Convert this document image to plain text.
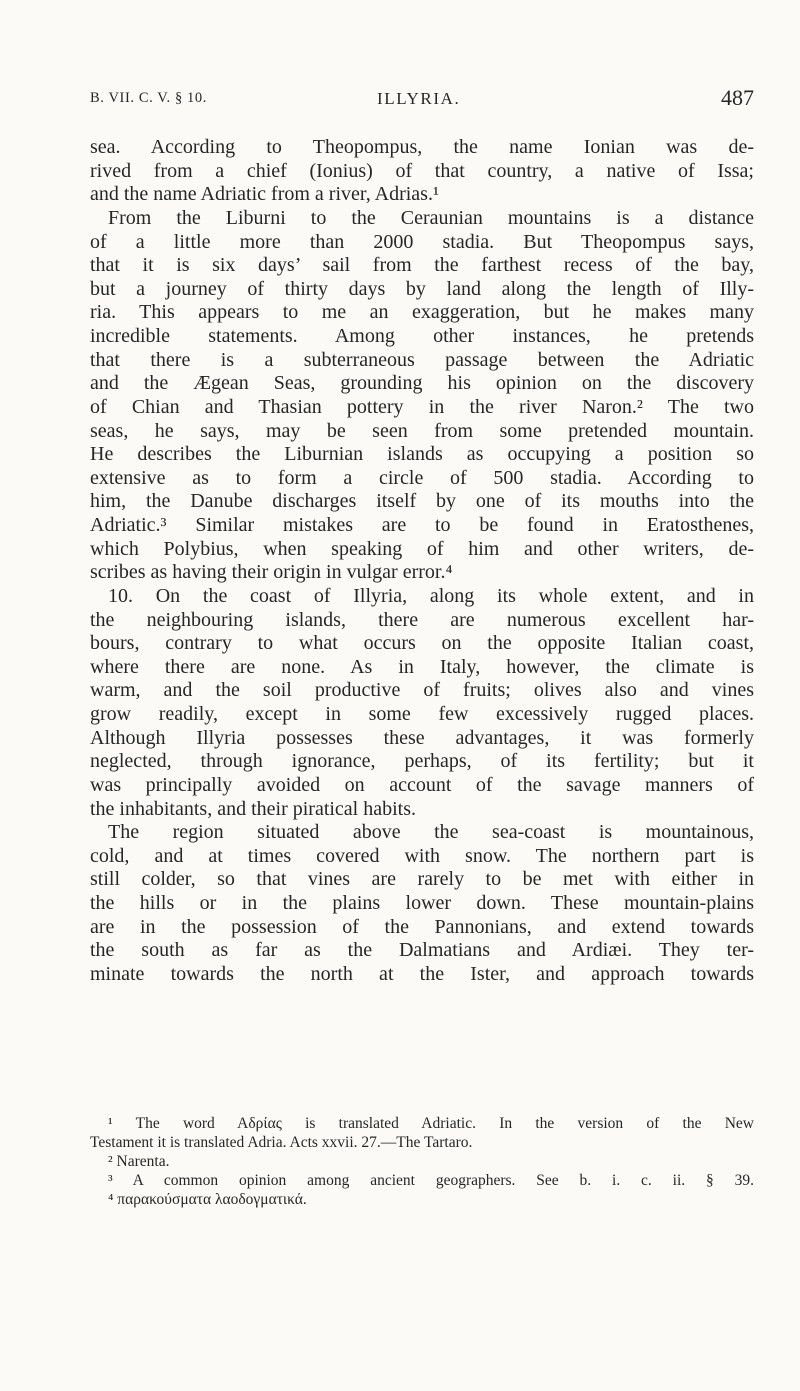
B. VII. C. V. § 10.	ILLYRIA.	487
sea. According to Theopompus, the name Ionian was de-
rived from a chief (Ionius) of that country, a native of Issa;
and the name Adriatic from a river, Adrias.¹
From the Liburni to the Ceraunian mountains is a distance
of a little more than 2000 stadia. But Theopompus says,
that it is six days’ sail from the farthest recess of the bay,
but a journey of thirty days by land along the length of Illy-
ria. This appears to me an exaggeration, but he makes many
incredible statements. Among other instances, he pretends
that there is a subterraneous passage between the Adriatic
and the Ægean Seas, grounding his opinion on the discovery
of Chian and Thasian pottery in the river Naron.² The two
seas, he says, may be seen from some pretended mountain.
He describes the Liburnian islands as occupying a position so
extensive as to form a circle of 500 stadia. According to
him, the Danube discharges itself by one of its mouths into the
Adriatic.³ Similar mistakes are to be found in Eratosthenes,
which Polybius, when speaking of him and other writers, de-
scribes as having their origin in vulgar error.⁴
10. On the coast of Illyria, along its whole extent, and in
the neighbouring islands, there are numerous excellent har-
bours, contrary to what occurs on the opposite Italian coast,
where there are none. As in Italy, however, the climate is
warm, and the soil productive of fruits; olives also and vines
grow readily, except in some few excessively rugged places.
Although Illyria possesses these advantages, it was formerly
neglected, through ignorance, perhaps, of its fertility; but it
was principally avoided on account of the savage manners of
the inhabitants, and their piratical habits.
The region situated above the sea-coast is mountainous,
cold, and at times covered with snow. The northern part is
still colder, so that vines are rarely to be met with either in
the hills or in the plains lower down. These mountain-plains
are in the possession of the Pannonians, and extend towards
the south as far as the Dalmatians and Ardiæi. They ter-
minate towards the north at the Ister, and approach towards
¹ The word Aδρίας is translated Adriatic. In the version of the New
Testament it is translated Adria. Acts xxvii. 27.—The Tartaro.
² Narenta.
³ A common opinion among ancient geographers. See b. i. c. ii. § 39.
⁴ παρακούσματα λαοδογματικά.
